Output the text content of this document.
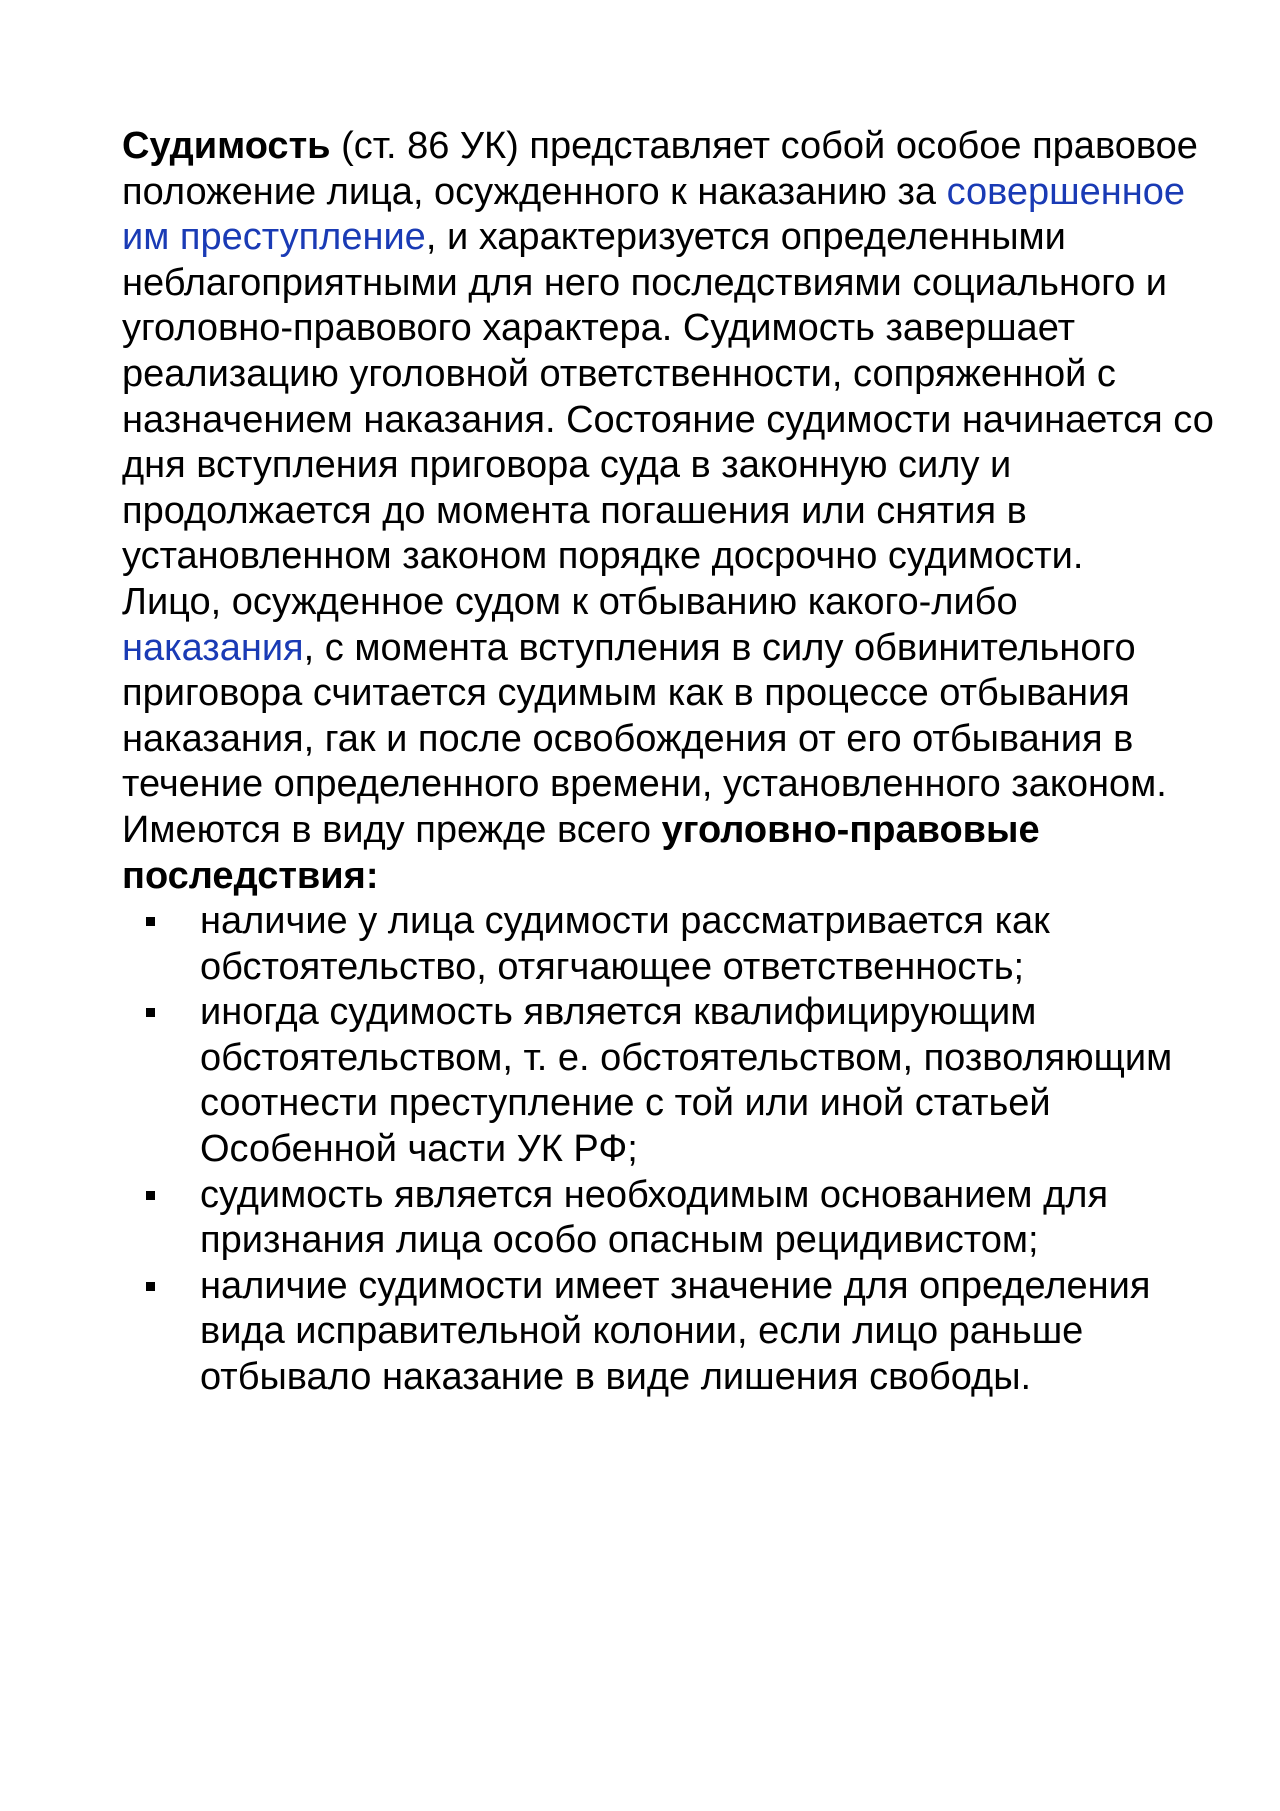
Судимость (ст. 86 УК) представляет собой особое правовое положение лица, осужденного к наказанию за совершенное им преступление, и характеризуется определенными неблагоприятными для него последствиями социального и уголовно-правового характера. Судимость завершает реализацию уголовной ответственности, сопряженной с назначением наказания. Состояние судимости начинается со дня вступления приговора суда в законную силу и продолжается до момента погашения или снятия в установленном законом порядке досрочно судимости.

Лицо, осужденное судом к отбыванию какого-либо наказания, с момента вступления в силу обвинительного приговора считается судимым как в процессе отбывания наказания, гак и после освобождения от его отбывания в течение определенного времени, установленного законом. Имеются в виду прежде всего уголовно-правовые последствия:

наличие у лица судимости рассматривается как обстоятельство, отягчающее ответственность;
иногда судимость является квалифицирующим обстоятельством, т. е. обстоятельством, позволяющим соотнести преступление с той или иной статьей Особенной части УК РФ;
судимость является необходимым основанием для признания лица особо опасным рецидивистом;
наличие судимости имеет значение для определения вида исправительной колонии, если лицо раньше отбывало наказание в виде лишения свободы.
